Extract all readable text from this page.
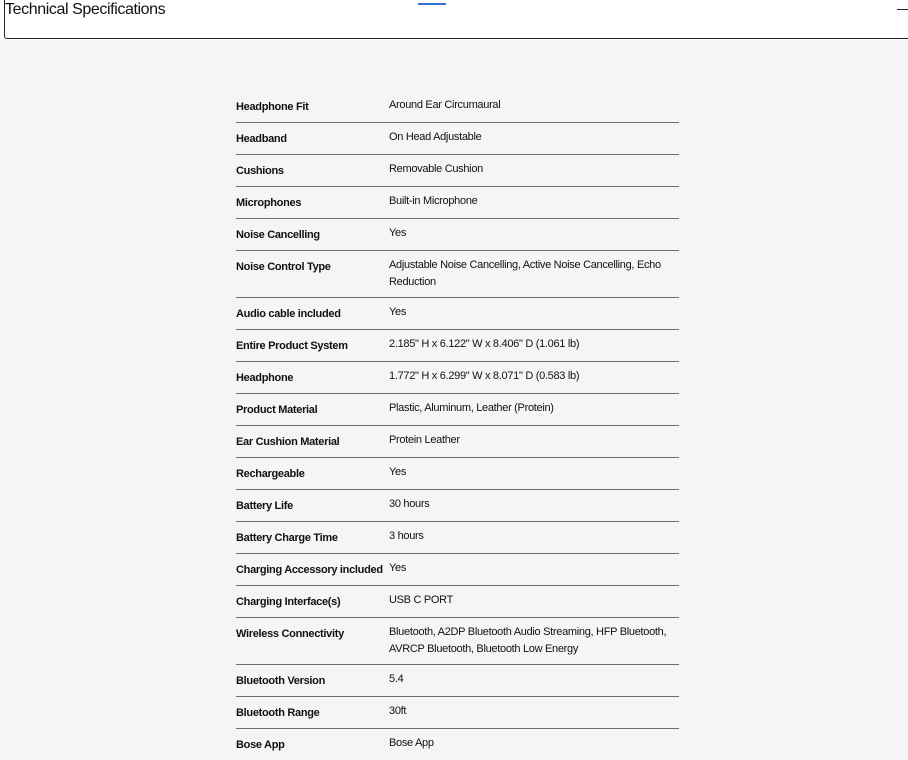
Technical Specifications
Headphone Fit	Around Ear Circumaural
Headband	On Head Adjustable
Cushions	Removable Cushion
Microphones	Built-in Microphone
Noise Cancelling	Yes
Noise Control Type	Adjustable Noise Cancelling, Active Noise Cancelling, Echo Reduction
Audio cable included	Yes
Entire Product System	2.185" H x 6.122" W x 8.406" D (1.061 lb)
Headphone	1.772" H x 6.299" W x 8.071" D (0.583 lb)
Product Material	Plastic, Aluminum, Leather (Protein)
Ear Cushion Material	Protein Leather
Rechargeable	Yes
Battery Life	30 hours
Battery Charge Time	3 hours
Charging Accessory included Yes
Charging Interface(s)	USB C PORT
Wireless Connectivity	Bluetooth, A2DP Bluetooth Audio Streaming, HFP Bluetooth, AVRCP Bluetooth, Bluetooth Low Energy
Bluetooth Version	5.4
Bluetooth Range	30ft
Bose App	Bose App
